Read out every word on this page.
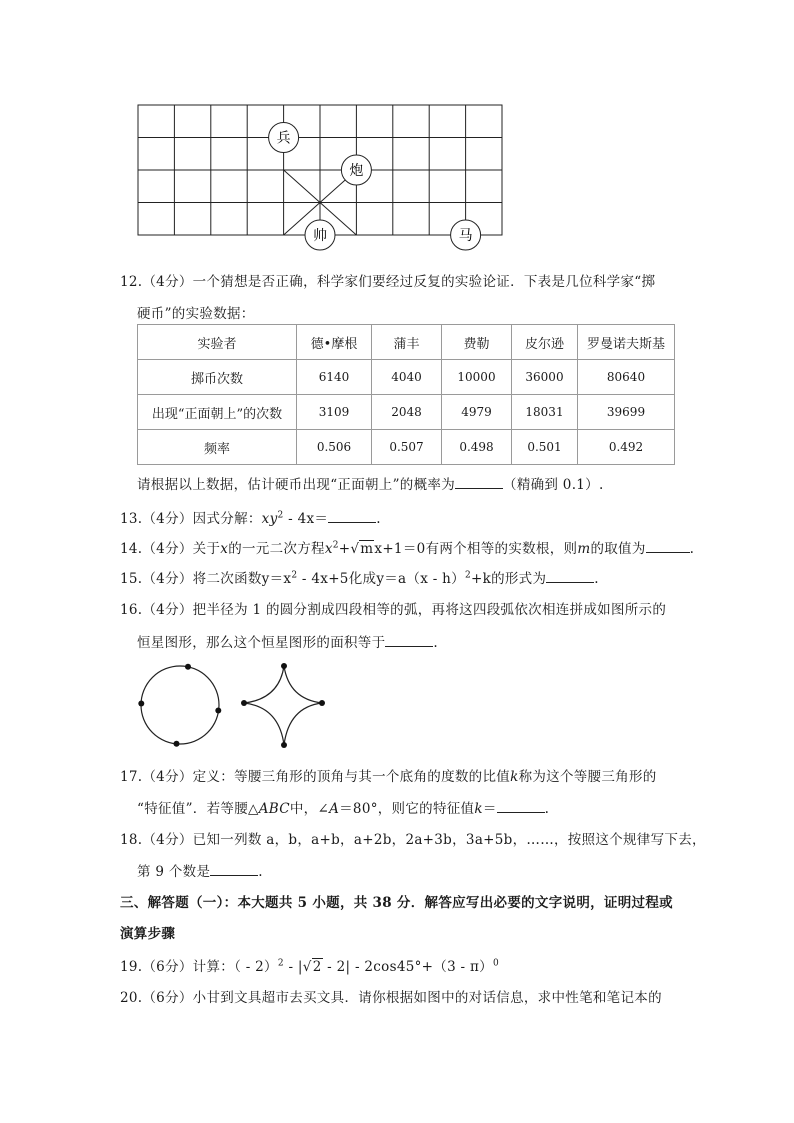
兵
炮
帅	马
12.（4分）一个猜想是否正确，科学家们要经过反复的实验论证．下表是几位科学家“掷
硬币”的实验数据：
实验者	德•摩根	蒲丰	费勒	皮尔逊	罗曼诺夫斯基
掷币次数	6140	4040	10000	36000	80640
出现“正面朝上”的次数	3109	2048	4979	18031	39699
频率	0.506	0.507	0.498	0.501	0.492
请根据以上数据，估计硬币出现“正面朝上”的概率为	（精确到 0.1）.
13.（4分）因式分解：$xy^2 - 4x=$	.
14.（4分）关于x的一元二次方程$x^2+√mx+1=0$有两个相等的实数根，则m的取值为	.
15.（4分）将二次函数$y=x^2 - 4x+5$化成y＝a（x - h）$^2$+k的形式为	.
16.（4分）把半径为 1 的圆分割成四段相等的弧，再将这四段弧依次相连拼成如图所示的
恒星图形，那么这个恒星图形的面积等于	.
17.（4分）定义：等腰三角形的顶角与其一个底角的度数的比值k称为这个等腰三角形的
“特征值”．若等腰△ABC中，∠A＝80°，则它的特征值k＝	.
18.（4分）已知一列数 a，b，a+b，a+2b，2a+3b，3a+5b，……，按照这个规律写下去，
第 9 个数是	.
三、解答题（一）：本大题共 5 小题，共 38 分．解答应写出必要的文字说明，证明过程或
演算步骤
19.（6分）计算：（ - 2）$^2$ - |√2 - 2| - 2cos45°+（3 - π）$^0$
20.（6分）小甘到文具超市去买文具．请你根据如图中的对话信息，求中性笔和笔记本的
